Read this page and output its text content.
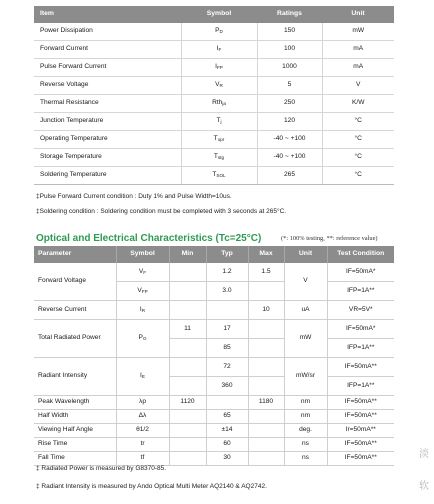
Item	Symbol	Ratings	Unit
Power Dissipation	$P_D$	150	mW
Forward Current	$I_F$	100	mA
Pulse Forward Current	$I_{FP}$	1000	mA
Reverse Voltage	$V_R$	5	V
Thermal Resistance	Rth$_{ja}$	250	K/W
Junction Temperature	$T_j$	120	°C
Operating Temperature	$T_{opr}$	-40 ~ +100	°C
Storage Temperature	$T_{stg}$	-40 ~ +100	°C
Soldering Temperature	$T_{SOL}$	265	°C
‡Pulse Forward Current condition : Duty 1% and Pulse Width=10us.
‡Soldering condition : Soldering condition must be completed with 3 seconds at 265°C.
Optical and Electrical Characteristics (Tc=25°C)	(*: 100% testing, **: reference value)
Parameter	Symbol	Min	Typ	Max	Unit	Test Condition
Forward Voltage	$V_F$		1.2	1.5	V	IF=50mA*
	$V_{FP}$		3.0			IFP=1A**
Reverse Current	$I_R$			10	uA	VR=5V*
Total Radiated Power	$P_O$	11	17		mW	IF=50mA*
			85			IFP=1A**
Radiant Intensity	$I_E$		72		mW/sr	IF=50mA**
			360			IFP=1A**
Peak Wavelength	λp	1120		1180	nm	IF=50mA**
Half Width	Δλ		65		nm	IF=50mA**
Viewing Half Angle	θ1/2		±14		deg.	Ir=50mA**
Rise Time	tr		60		ns	IF=50mA**
Fall Time	tf		30		ns	IF=50mA**
‡ Radiated Power is measured by G8370-85.
‡ Radiant Intensity is measured by Ando Optical Multi Meter AQ2140 & AQ2742.
淡
软
